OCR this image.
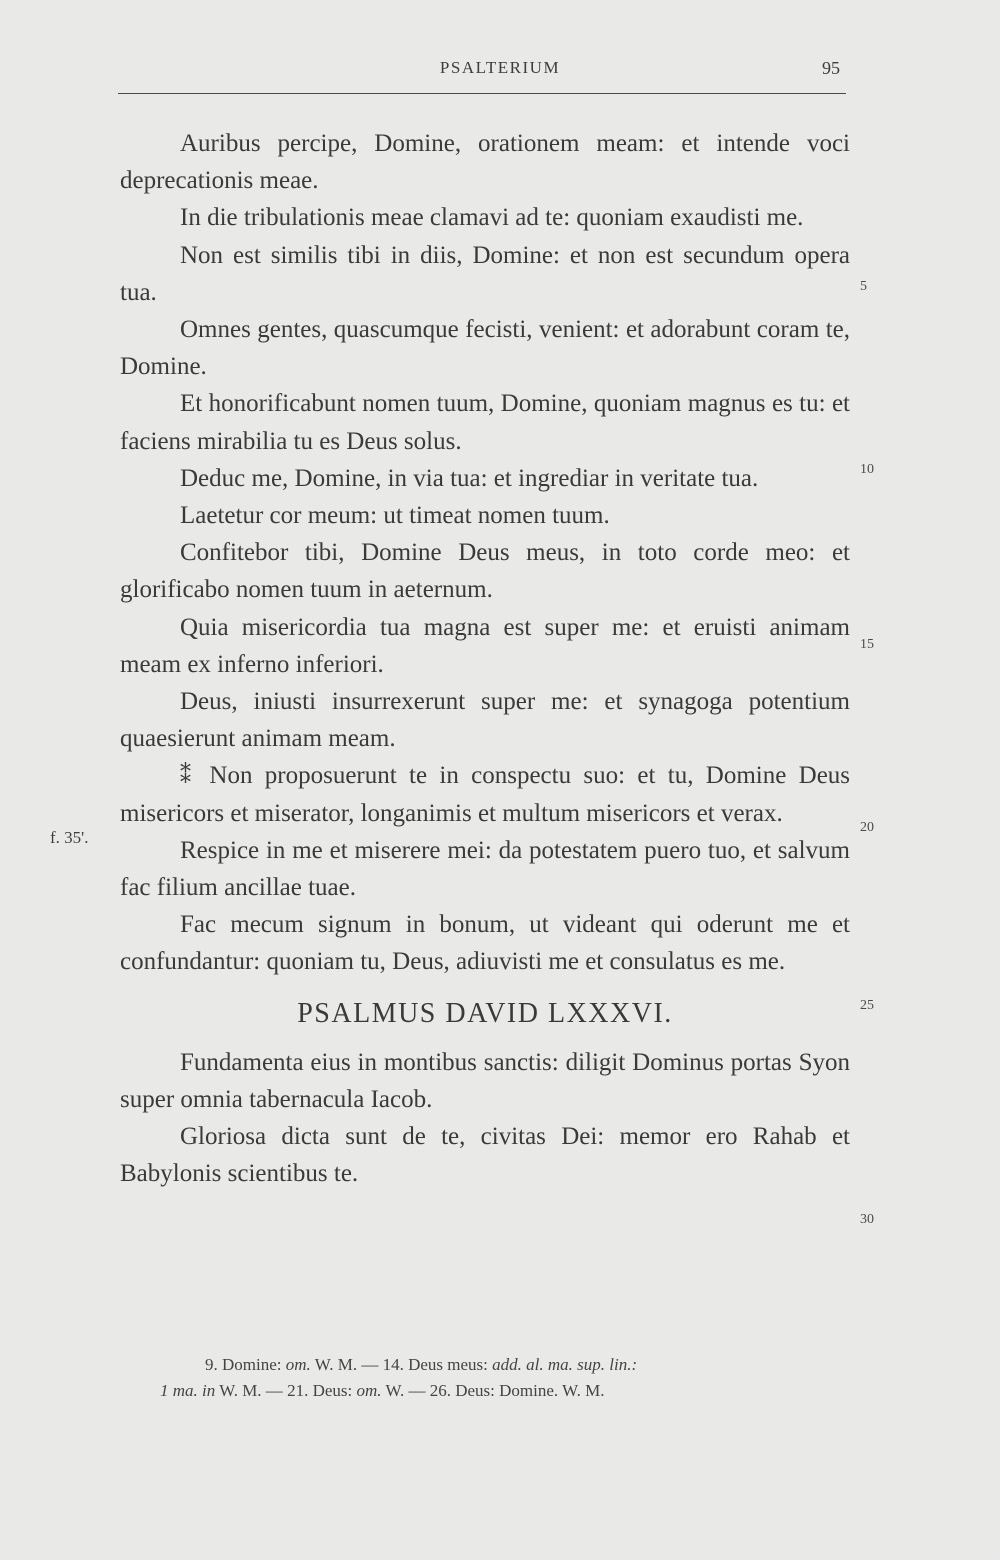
PSALTERIUM	95
f. 35'.
5
10
15
20
25
30

Auribus percipe, Domine, orationem meam: et intende voci deprecationis meae.

In die tribulationis meae clamavi ad te: quoniam exaudisti me.

Non est similis tibi in diis, Domine: et non est secundum opera tua.

Omnes gentes, quascumque fecisti, venient: et adorabunt coram te, Domine.

Et honorificabunt nomen tuum, Domine, quoniam magnus es tu: et faciens mirabilia tu es Deus solus.

Deduc me, Domine, in via tua: et ingrediar in veritate tua.

Laetetur cor meum: ut timeat nomen tuum.

Confitebor tibi, Domine Deus meus, in toto corde meo: et glorificabo nomen tuum in aeternum.

Quia misericordia tua magna est super me: et eruisti animam meam ex inferno inferiori.

Deus, iniusti insurrexerunt super me: et synagoga potentium quaesierunt animam meam.

⁑ Non proposuerunt te in conspectu suo: et tu, Domine Deus misericors et miserator, longanimis et multum misericors et verax.

Respice in me et miserere mei: da potestatem puero tuo, et salvum fac filium ancillae tuae.

Fac mecum signum in bonum, ut videant qui oderunt me et confundantur: quoniam tu, Deus, adiuvisti me et consulatus es me.

PSALMUS DAVID LXXXVI.

Fundamenta eius in montibus sanctis: diligit Dominus portas Syon super omnia tabernacula Iacob.

Gloriosa dicta sunt de te, civitas Dei: memor ero Rahab et Babylonis scientibus te.

9. Domine: om. W. M. — 14. Deus meus: add. al. ma. sup. lin.:

1 ma. in W. M. — 21. Deus: om. W. — 26. Deus: Domine. W. M.
